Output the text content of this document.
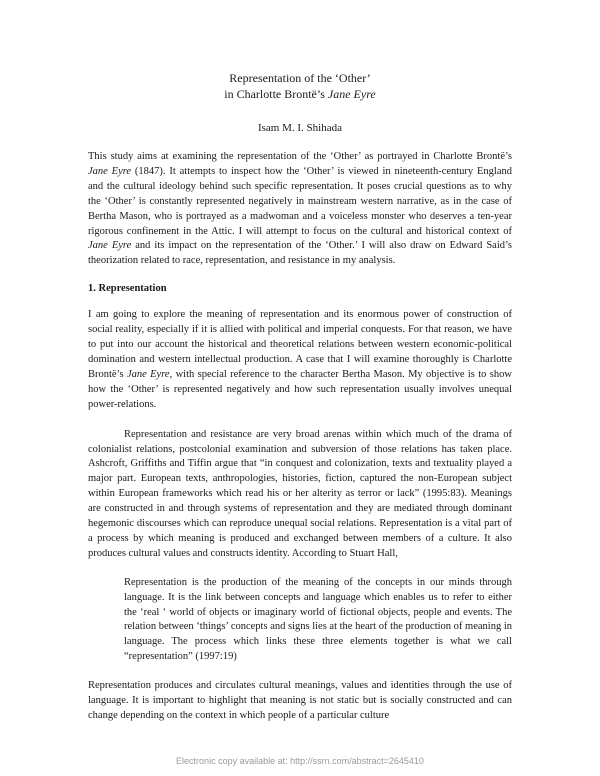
Representation of the ‘Other’
in Charlotte Brontë’s Jane Eyre
Isam M. I. Shihada

This study aims at examining the representation of the ‘Other’ as portrayed in Charlotte Brontë’s Jane Eyre (1847). It attempts to inspect how the ‘Other’ is viewed in nineteenth-century England and the cultural ideology behind such specific representation. It poses crucial questions as to why the ‘Other’ is constantly represented negatively in mainstream western narrative, as in the case of Bertha Mason, who is portrayed as a madwoman and a voiceless monster who deserves a ten-year rigorous confinement in the Attic. I will attempt to focus on the cultural and historical context of Jane Eyre and its impact on the representation of the ‘Other.’ I will also draw on Edward Said’s theorization related to race, representation, and resistance in my analysis.

1. Representation

I am going to explore the meaning of representation and its enormous power of construction of social reality, especially if it is allied with political and imperial conquests. For that reason, we have to put into our account the historical and theoretical relations between western economic-political domination and western intellectual production. A case that I will examine thoroughly is Charlotte Brontë’s Jane Eyre, with special reference to the character Bertha Mason. My objective is to show how the ‘Other’ is represented negatively and how such representation usually involves unequal power-relations.

Representation and resistance are very broad arenas within which much of the drama of colonialist relations, postcolonial examination and subversion of those relations has taken place. Ashcroft, Griffiths and Tiffin argue that “in conquest and colonization, texts and textuality played a major part. European texts, anthropologies, histories, fiction, captured the non-European subject within European frameworks which read his or her alterity as terror or lack” (1995:83). Meanings are constructed in and through systems of representation and they are mediated through dominant hegemonic discourses which can reproduce unequal social relations. Representation is a vital part of a process by which meaning is produced and exchanged between members of a culture. It also produces cultural values and constructs identity. According to Stuart Hall,

Representation is the production of the meaning of the concepts in our minds through language. It is the link between concepts and language which enables us to refer to either the ‘real ‘ world of objects or imaginary world of fictional objects, people and events. The relation between ‘things’ concepts and signs lies at the heart of the production of meaning in language. The process which links these three elements together is what we call “representation” (1997:19)

Representation produces and circulates cultural meanings, values and identities through the use of language. It is important to highlight that meaning is not static but is socially constructed and can change depending on the context in which people of a particular culture

Electronic copy available at: http://ssrn.com/abstract=2645410
